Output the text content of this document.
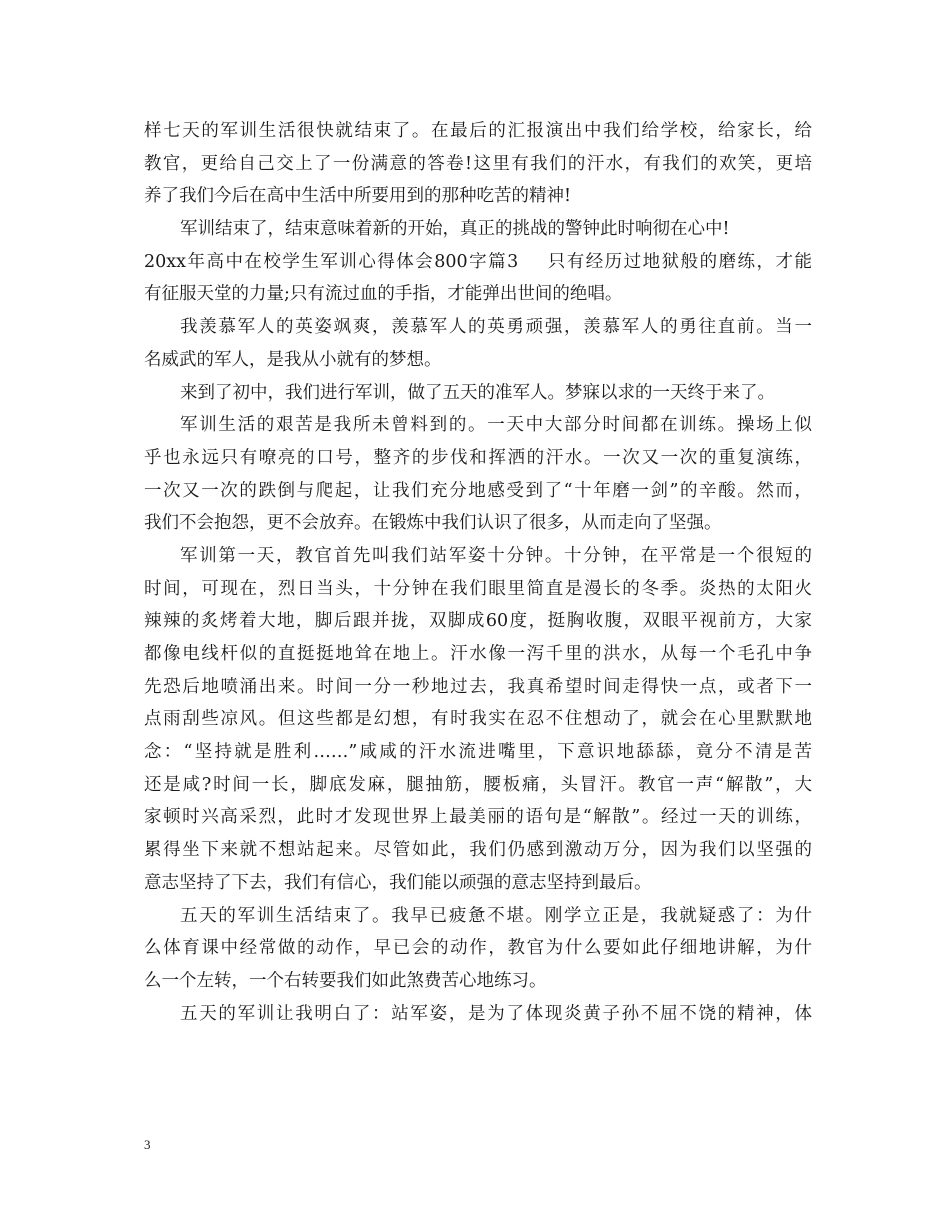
样七天的军训生活很快就结束了。在最后的汇报演出中我们给学校，给家长，给
教官，更给自己交上了一份满意的答卷!这里有我们的汗水，有我们的欢笑，更培
养了我们今后在高中生活中所要用到的那种吃苦的精神!
军训结束了，结束意味着新的开始，真正的挑战的警钟此时响彻在心中!
20xx年高中在校学生军训心得体会800字篇3 只有经历过地狱般的磨练，才能
有征服天堂的力量;只有流过血的手指，才能弹出世间的绝唱。
我羡慕军人的英姿飒爽，羡慕军人的英勇顽强，羡慕军人的勇往直前。当一
名威武的军人，是我从小就有的梦想。
来到了初中，我们进行军训，做了五天的准军人。梦寐以求的一天终于来了。
军训生活的艰苦是我所未曾料到的。一天中大部分时间都在训练。操场上似
乎也永远只有嘹亮的口号，整齐的步伐和挥洒的汗水。一次又一次的重复演练，
一次又一次的跌倒与爬起，让我们充分地感受到了“十年磨一剑”的辛酸。然而，
我们不会抱怨，更不会放弃。在锻炼中我们认识了很多，从而走向了坚强。
军训第一天，教官首先叫我们站军姿十分钟。十分钟，在平常是一个很短的
时间，可现在，烈日当头，十分钟在我们眼里简直是漫长的冬季。炎热的太阳火
辣辣的炙烤着大地，脚后跟并拢，双脚成60度，挺胸收腹，双眼平视前方，大家
都像电线杆似的直挺挺地耸在地上。汗水像一泻千里的洪水，从每一个毛孔中争
先恐后地喷涌出来。时间一分一秒地过去，我真希望时间走得快一点，或者下一
点雨刮些凉风。但这些都是幻想，有时我实在忍不住想动了，就会在心里默默地
念：“坚持就是胜利……”咸咸的汗水流进嘴里，下意识地舔舔，竟分不清是苦
还是咸?时间一长，脚底发麻，腿抽筋，腰板痛，头冒汗。教官一声“解散”，大
家顿时兴高采烈，此时才发现世界上最美丽的语句是“解散”。经过一天的训练，
累得坐下来就不想站起来。尽管如此，我们仍感到激动万分，因为我们以坚强的
意志坚持了下去，我们有信心，我们能以顽强的意志坚持到最后。
五天的军训生活结束了。我早已疲惫不堪。刚学立正是，我就疑惑了：为什
么体育课中经常做的动作，早已会的动作，教官为什么要如此仔细地讲解，为什
么一个左转，一个右转要我们如此煞费苦心地练习。
五天的军训让我明白了：站军姿，是为了体现炎黄子孙不屈不饶的精神，体
3
